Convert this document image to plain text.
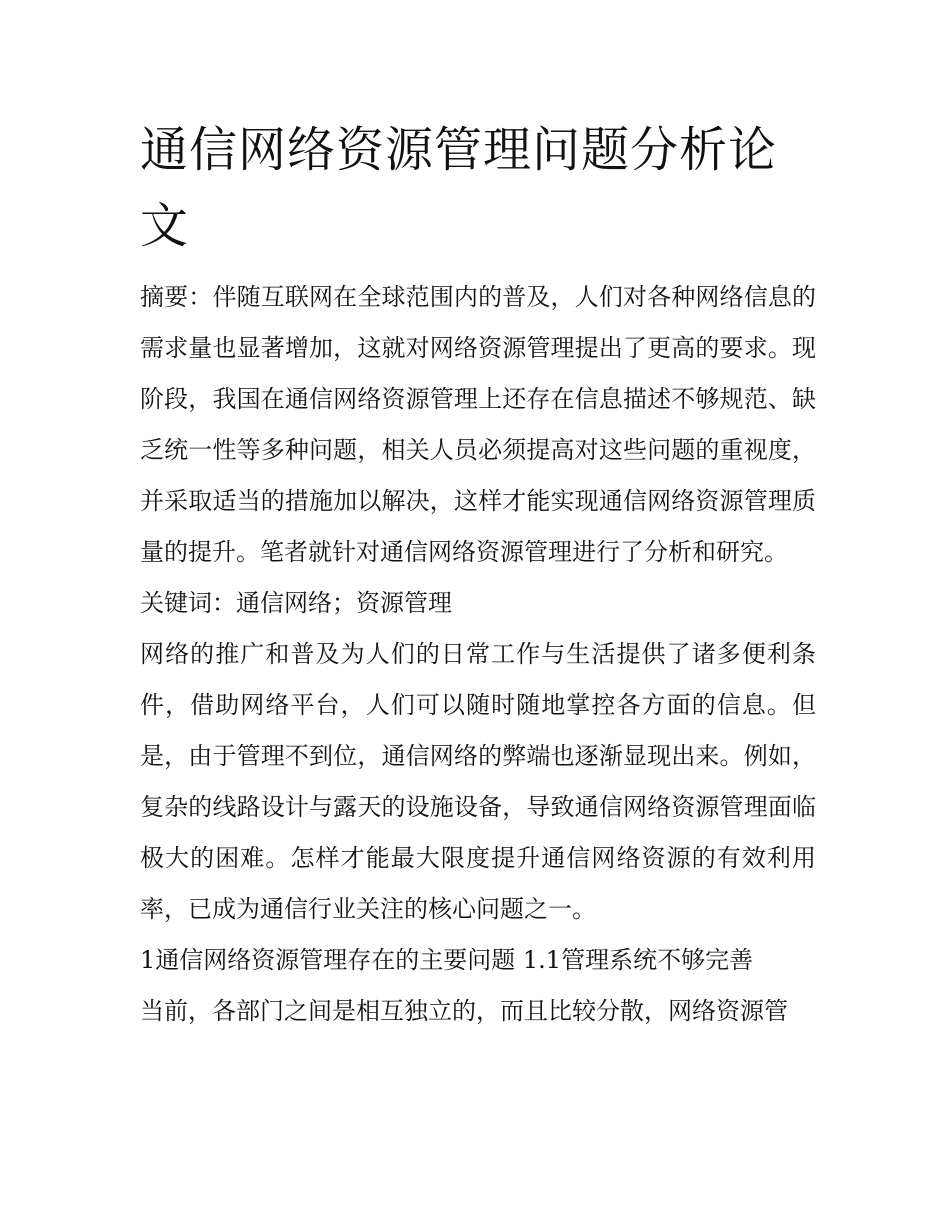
通信网络资源管理问题分析论文

摘要：伴随互联网在全球范围内的普及，人们对各种网络信息的需求量也显著增加，这就对网络资源管理提出了更高的要求。现阶段，我国在通信网络资源管理上还存在信息描述不够规范、缺乏统一性等多种问题，相关人员必须提高对这些问题的重视度，并采取适当的措施加以解决，这样才能实现通信网络资源管理质量的提升。笔者就针对通信网络资源管理进行了分析和研究。

关键词：通信网络；资源管理

网络的推广和普及为人们的日常工作与生活提供了诸多便利条件，借助网络平台，人们可以随时随地掌控各方面的信息。但是，由于管理不到位，通信网络的弊端也逐渐显现出来。例如，复杂的线路设计与露天的设施设备，导致通信网络资源管理面临极大的困难。怎样才能最大限度提升通信网络资源的有效利用率，已成为通信行业关注的核心问题之一。

1通信网络资源管理存在的主要问题 1.1管理系统不够完善

当前，各部门之间是相互独立的，而且比较分散，网络资源管
